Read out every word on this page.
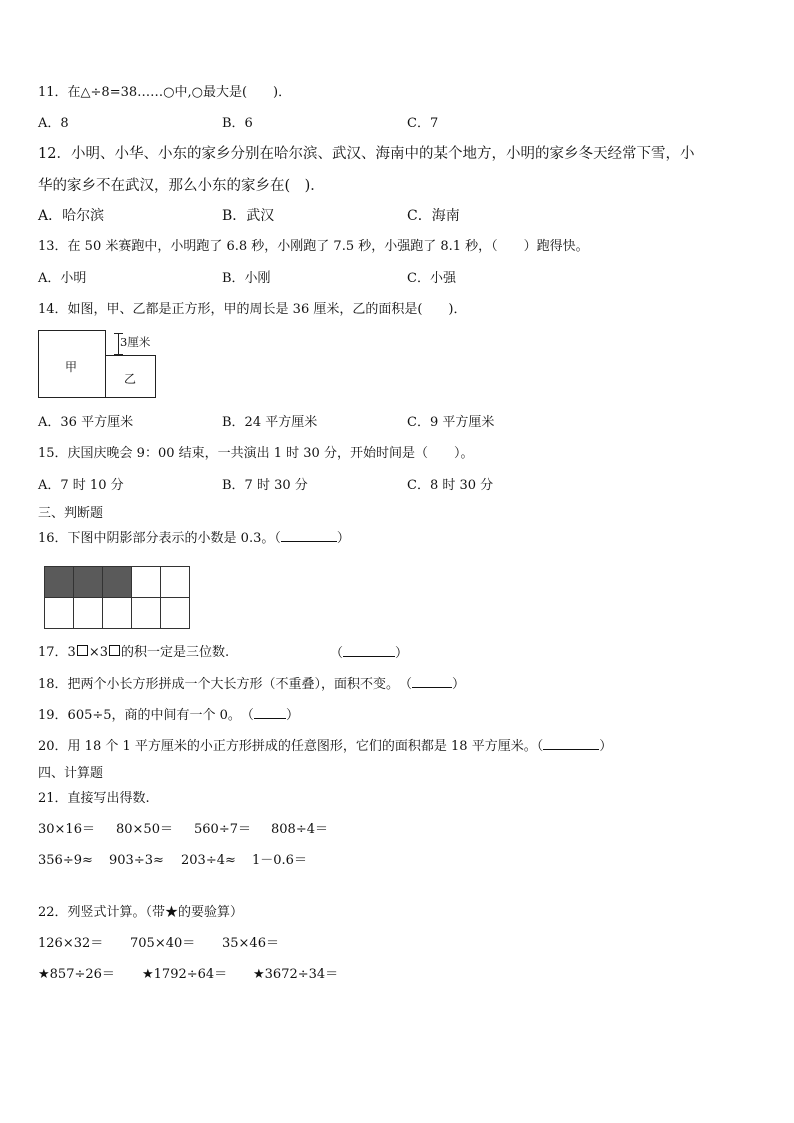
11．在△÷8=38……○中,○最大是(　　)．
A．8	B．6	C．7
12．小明、小华、小东的家乡分别在哈尔滨、武汉、海南中的某个地方，小明的家乡冬天经常下雪，小
华的家乡不在武汉，那么小东的家乡在(　)．
A．哈尔滨	B．武汉	C．海南
13．在 50 米赛跑中，小明跑了 6.8 秒，小刚跑了 7.5 秒，小强跑了 8.1 秒，（　　）跑得快。
A．小明	B．小刚	C．小强
14．如图，甲、乙都是正方形，甲的周长是 36 厘米，乙的面积是(　　)．
甲
乙
3厘米
A．36 平方厘米	B．24 平方厘米	C．9 平方厘米
15．庆国庆晚会 9：00 结束，一共演出 1 时 30 分，开始时间是（　　）。
A．7 时 10 分	B．7 时 30 分	C．8 时 30 分
三、判断题
16．下图中阴影部分表示的小数是 0.3。（	）

17．3 ×3 的积一定是三位数.	（	）
18．把两个小长方形拼成一个大长方形（不重叠），面积不变。　（	）
19．605÷5，商的中间有一个 0。　（ ）
20．用 18 个 1 平方厘米的小正方形拼成的任意图形，它们的面积都是 18 平方厘米。（	）
四、计算题
21．直接写出得数.
30×16＝ 80×50＝ 560÷7＝ 808÷4＝
356÷9≈ 903÷3≈ 203÷4≈ 1－0.6＝
22．列竖式计算。（带★的要验算）
126×32＝ 705×40＝ 35×46＝
★857÷26＝ ★1792÷64＝ ★3672÷34＝
